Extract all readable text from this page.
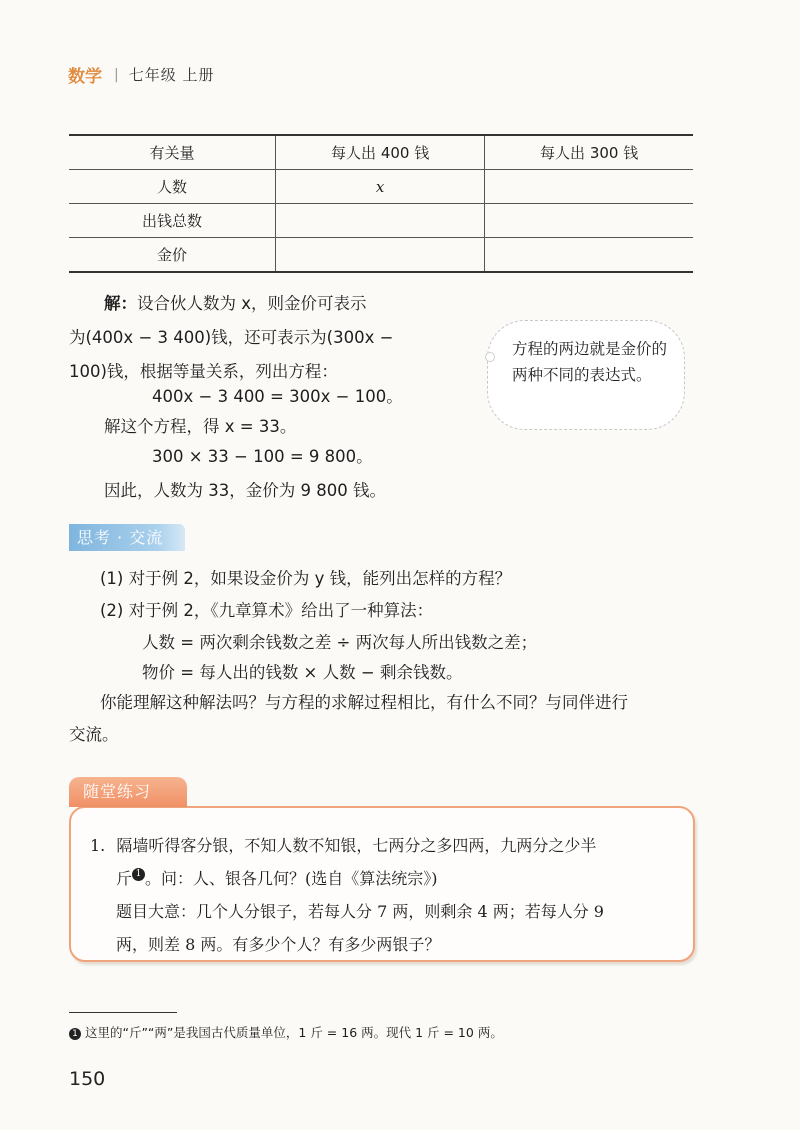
数学 | 七年级 上册
有关量	每人出 400 钱	每人出 300 钱
人数	x	
出钱总数		
金价		
解：设合伙人数为 x，则金价可表示
为(400x − 3 400)钱，还可表示为(300x −
100)钱，根据等量关系，列出方程：
400x − 3 400 = 300x − 100。
解这个方程，得 x = 33。
300 × 33 − 100 = 9 800。
因此，人数为 33，金价为 9 800 钱。
方程的两边就是金价的两种不同的表达式。
思考 · 交流
(1) 对于例 2，如果设金价为 y 钱，能列出怎样的方程？
(2) 对于例 2，《九章算术》给出了一种算法：
人数 = 两次剩余钱数之差 ÷ 两次每人所出钱数之差；
物价 = 每人出的钱数 × 人数 − 剩余钱数。
你能理解这种解法吗？与方程的求解过程相比，有什么不同？与同伴进行
交流。
随堂练习
1. 隔墙听得客分银，不知人数不知银，七两分之多四两，九两分之少半
斤 1 。问：人、银各几何？(选自《算法统宗》)
题目大意：几个人分银子，若每人分 7 两，则剩余 4 两；若每人分 9
两，则差 8 两。有多少个人？有多少两银子？
1 这里的“斤”“两”是我国古代质量单位，1 斤 = 16 两。现代 1 斤 = 10 两。
150
